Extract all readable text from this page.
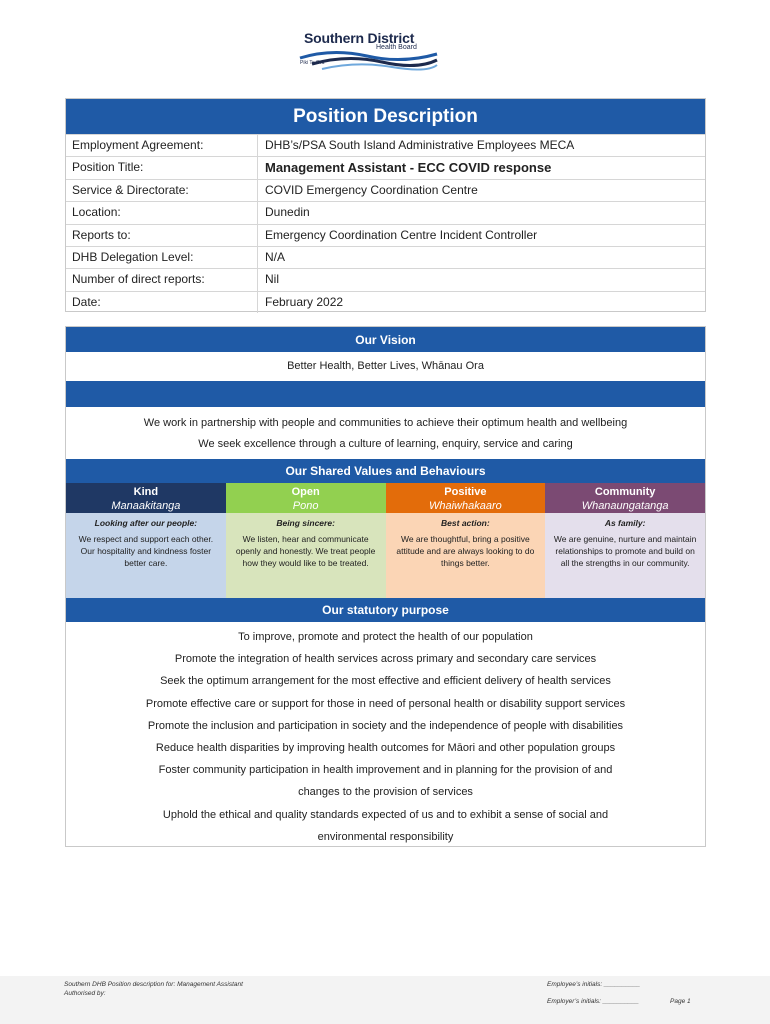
Southern District
Health Board
Piki Te Ora
Position Description
Employment Agreement:	DHB’s/PSA South Island Administrative Employees MECA
Position Title:	Management Assistant - ECC COVID response
Service & Directorate:	COVID Emergency Coordination Centre
Location:	Dunedin
Reports to:	Emergency Coordination Centre Incident Controller
DHB Delegation Level:	N/A
Number of direct reports:	Nil
Date:	February 2022
Our Vision
Better Health, Better Lives, Whānau Ora
We work in partnership with people and communities to achieve their optimum health and wellbeing
We seek excellence through a culture of learning, enquiry, service and caring
Our Shared Values and Behaviours
Kind
Manaakitanga
Looking after our people:
We respect and support each other. Our hospitality and kindness foster better care.
Open
Pono
Being sincere:
We listen, hear and communicate openly and honestly. We treat people how they would like to be treated.
Positive
Whaiwhakaaro
Best action:
We are thoughtful, bring a positive attitude and are always looking to do things better.
Community
Whanaungatanga
As family:
We are genuine, nurture and maintain relationships to promote and build on all the strengths in our community.
Our statutory purpose
To improve, promote and protect the health of our population
Promote the integration of health services across primary and secondary care services
Seek the optimum arrangement for the most effective and efficient delivery of health services
Promote effective care or support for those in need of personal health or disability support services
Promote the inclusion and participation in society and the independence of people with disabilities
Reduce health disparities by improving health outcomes for Māori and other population groups
Foster community participation in health improvement and in planning for the provision of and
changes to the provision of services
Uphold the ethical and quality standards expected of us and to exhibit a sense of social and
environmental responsibility
Southern DHB Position description for: Management Assistant
Authorised by:
Employee’s initials: __________
Employer’s initials: __________	Page 1
